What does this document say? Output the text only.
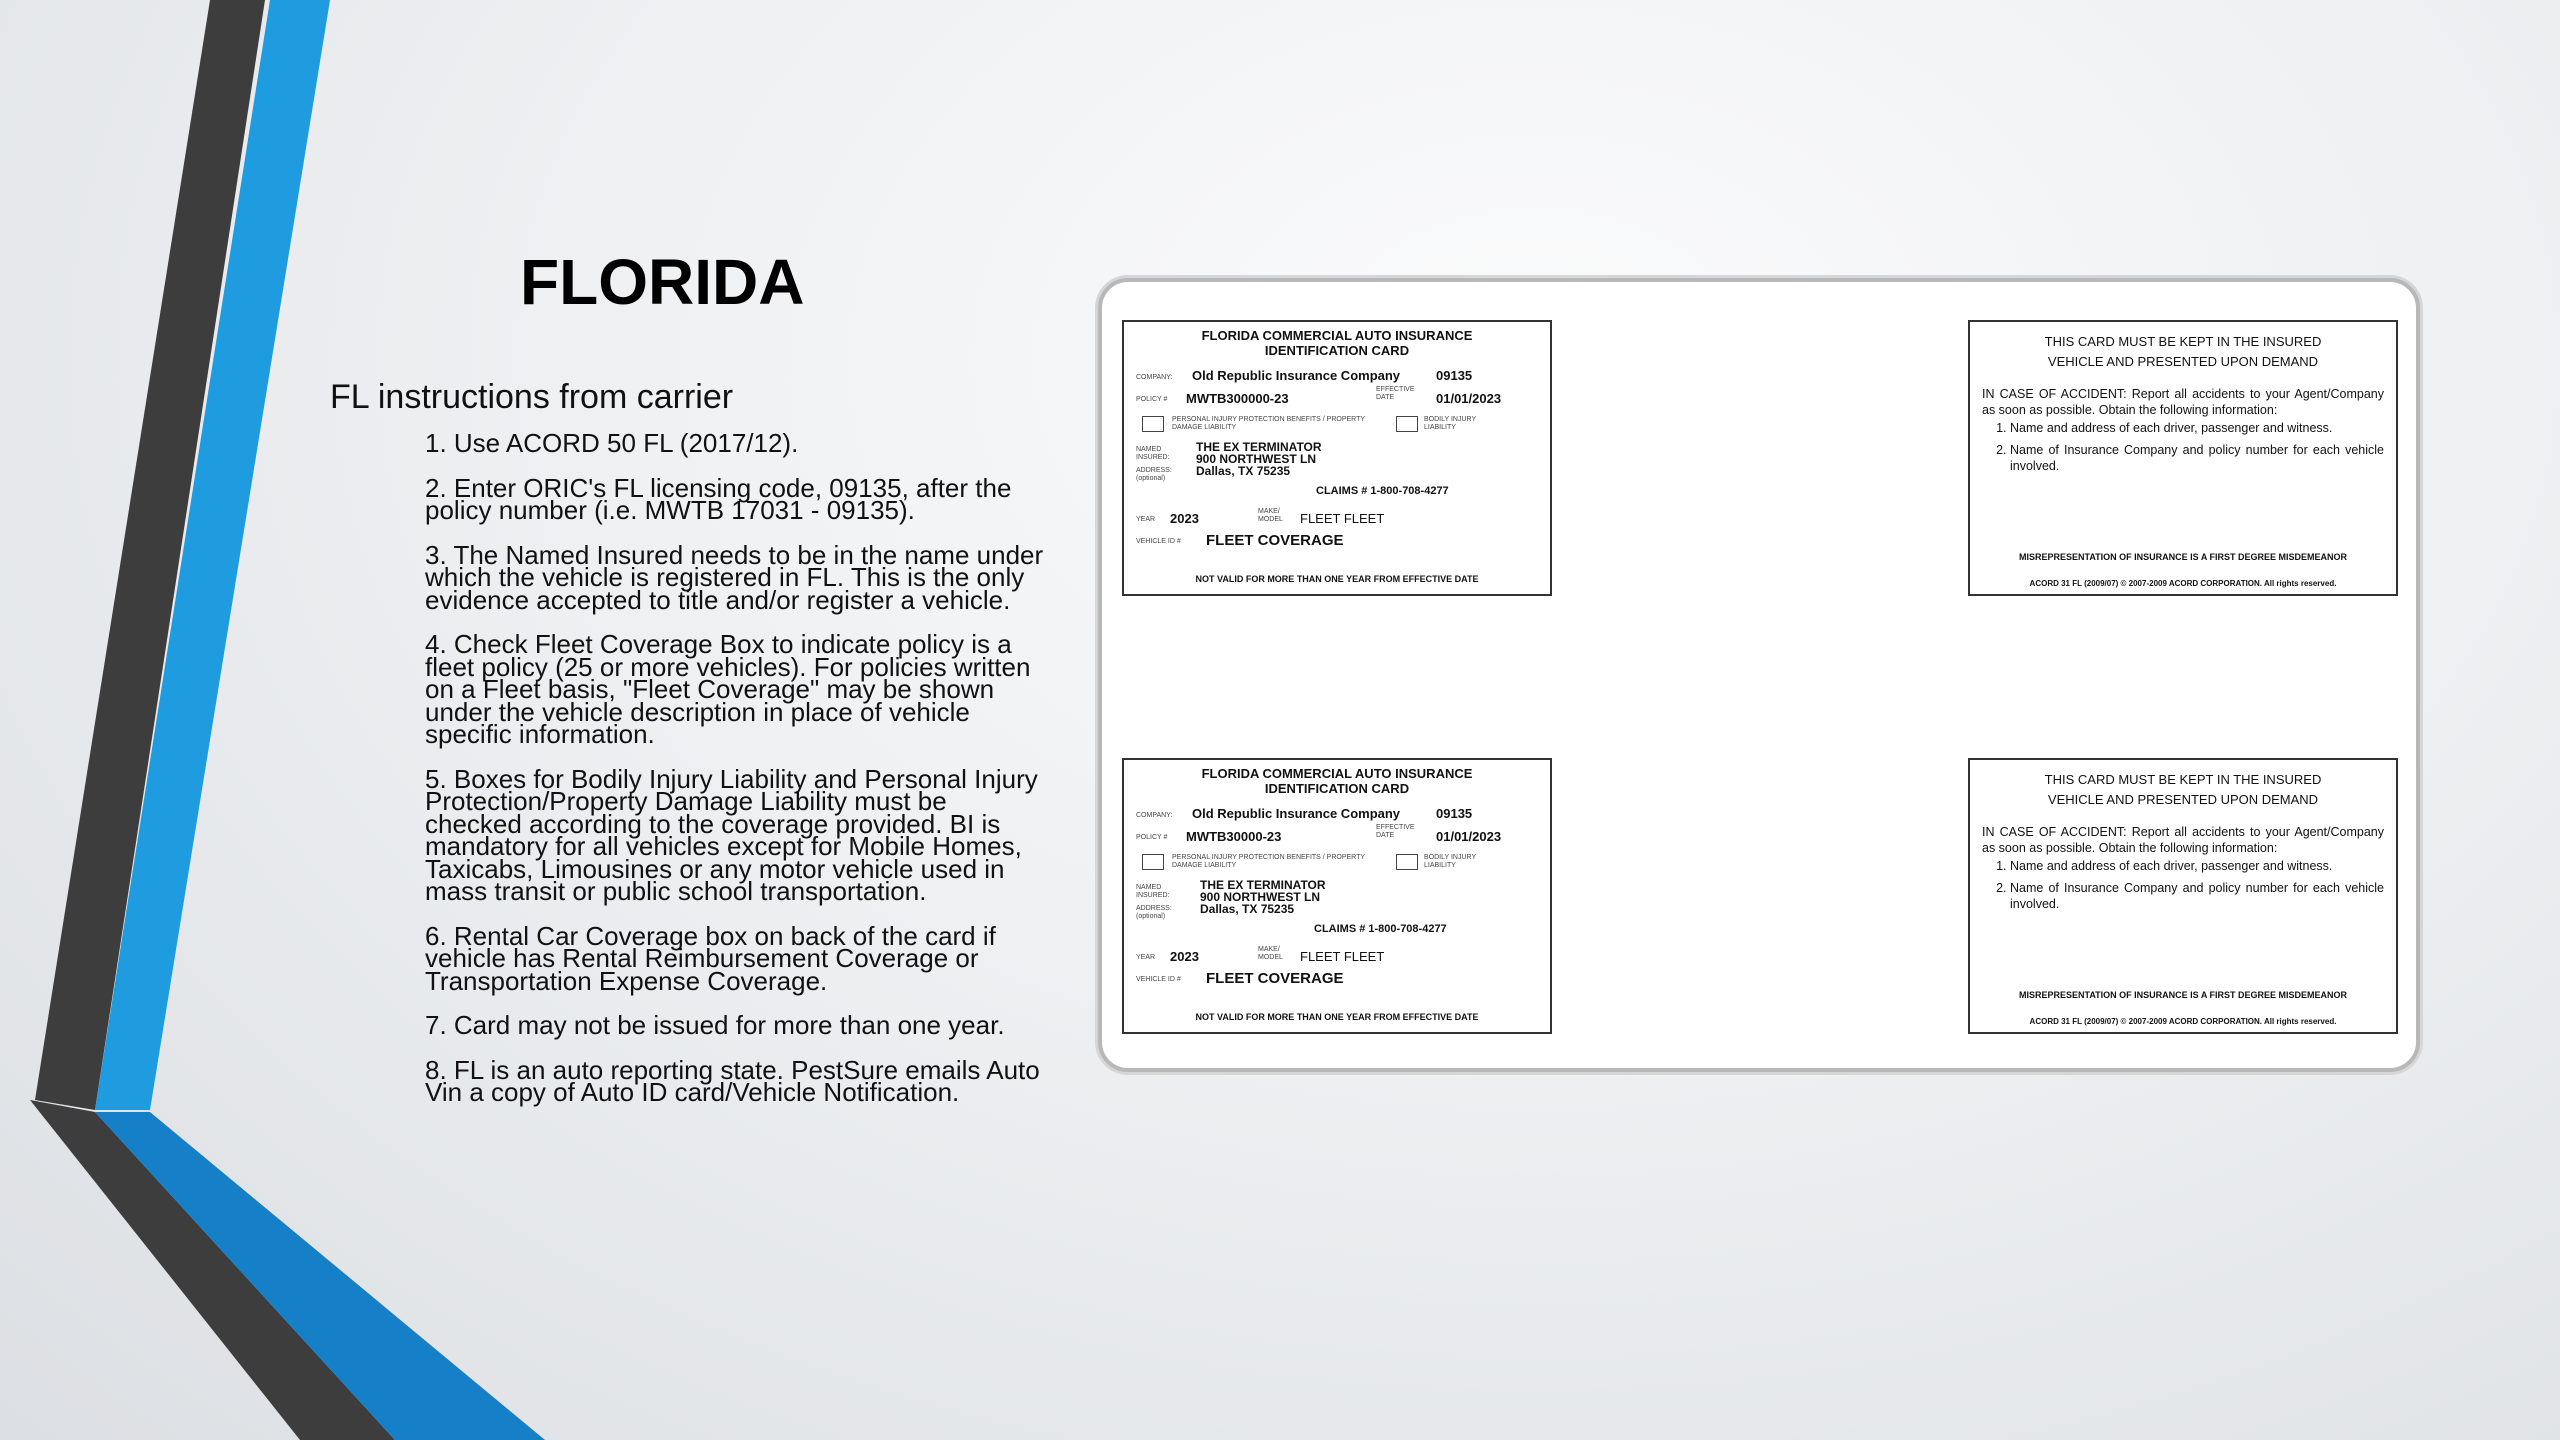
FLORIDA

FL instructions from carrier

1. Use ACORD 50 FL (2017/12).
2. Enter ORIC's FL licensing code, 09135, after the policy number (i.e. MWTB 17031 - 09135).
3. The Named Insured needs to be in the name under which the vehicle is registered in FL. This is the only evidence accepted to title and/or register a vehicle.
4. Check Fleet Coverage Box to indicate policy is a fleet policy (25 or more vehicles). For policies written on a Fleet basis, "Fleet Coverage" may be shown under the vehicle description in place of vehicle specific information.
5. Boxes for Bodily Injury Liability and Personal Injury Protection/Property Damage Liability must be checked according to the coverage provided. BI is mandatory for all vehicles except for Mobile Homes, Taxicabs, Limousines or any motor vehicle used in mass transit or public school transportation.
6. Rental Car Coverage box on back of the card if vehicle has Rental Reimbursement Coverage or Transportation Expense Coverage.
7. Card may not be issued for more than one year.
8. FL is an auto reporting state. PestSure emails Auto Vin a copy of Auto ID card/Vehicle Notification.
FLORIDA COMMERCIAL AUTO INSURANCE
IDENTIFICATION CARD
COMPANY: Old Republic Insurance Company	09135
POLICY # MWTB300000-23
EFFECTIVE DATE	01/01/2023
PERSONAL INJURY PROTECTION BENEFITS / PROPERTY DAMAGE LIABILITY
BODILY INJURY LIABILITY
NAMED INSURED:
THE EX TERMINATOR
900 NORTHWEST LN
ADDRESS: (optional)
Dallas, TX 75235
CLAIMS # 1-800-708-4277
YEAR 2023	MAKE/ MODEL	FLEET FLEET
VEHICLE ID # FLEET COVERAGE
NOT VALID FOR MORE THAN ONE YEAR FROM EFFECTIVE DATE
FLORIDA COMMERCIAL AUTO INSURANCE
IDENTIFICATION CARD
COMPANY: Old Republic Insurance Company	09135
POLICY # MWTB30000-23
EFFECTIVE DATE	01/01/2023
PERSONAL INJURY PROTECTION BENEFITS / PROPERTY DAMAGE LIABILITY
BODILY INJURY LIABILITY
NAMED INSURED:
THE EX TERMINATOR
900 NORTHWEST LN
ADDRESS: (optional)
Dallas, TX 75235
CLAIMS # 1-800-708-4277
YEAR 2023	MAKE/ MODEL	FLEET FLEET
VEHICLE ID # FLEET COVERAGE
NOT VALID FOR MORE THAN ONE YEAR FROM EFFECTIVE DATE
THIS CARD MUST BE KEPT IN THE INSURED
VEHICLE AND PRESENTED UPON DEMAND
IN CASE OF ACCIDENT: Report all accidents to your Agent/Company as soon as possible. Obtain the following information:
1. Name and address of each driver, passenger and witness.
2. Name of Insurance Company and policy number for each vehicle involved.
MISREPRESENTATION OF INSURANCE IS A FIRST DEGREE MISDEMEANOR
ACORD 31 FL (2009/07) © 2007-2009 ACORD CORPORATION. All rights reserved.
THIS CARD MUST BE KEPT IN THE INSURED
VEHICLE AND PRESENTED UPON DEMAND
IN CASE OF ACCIDENT: Report all accidents to your Agent/Company as soon as possible. Obtain the following information:
1. Name and address of each driver, passenger and witness.
2. Name of Insurance Company and policy number for each vehicle involved.
MISREPRESENTATION OF INSURANCE IS A FIRST DEGREE MISDEMEANOR
ACORD 31 FL (2009/07) © 2007-2009 ACORD CORPORATION. All rights reserved.
